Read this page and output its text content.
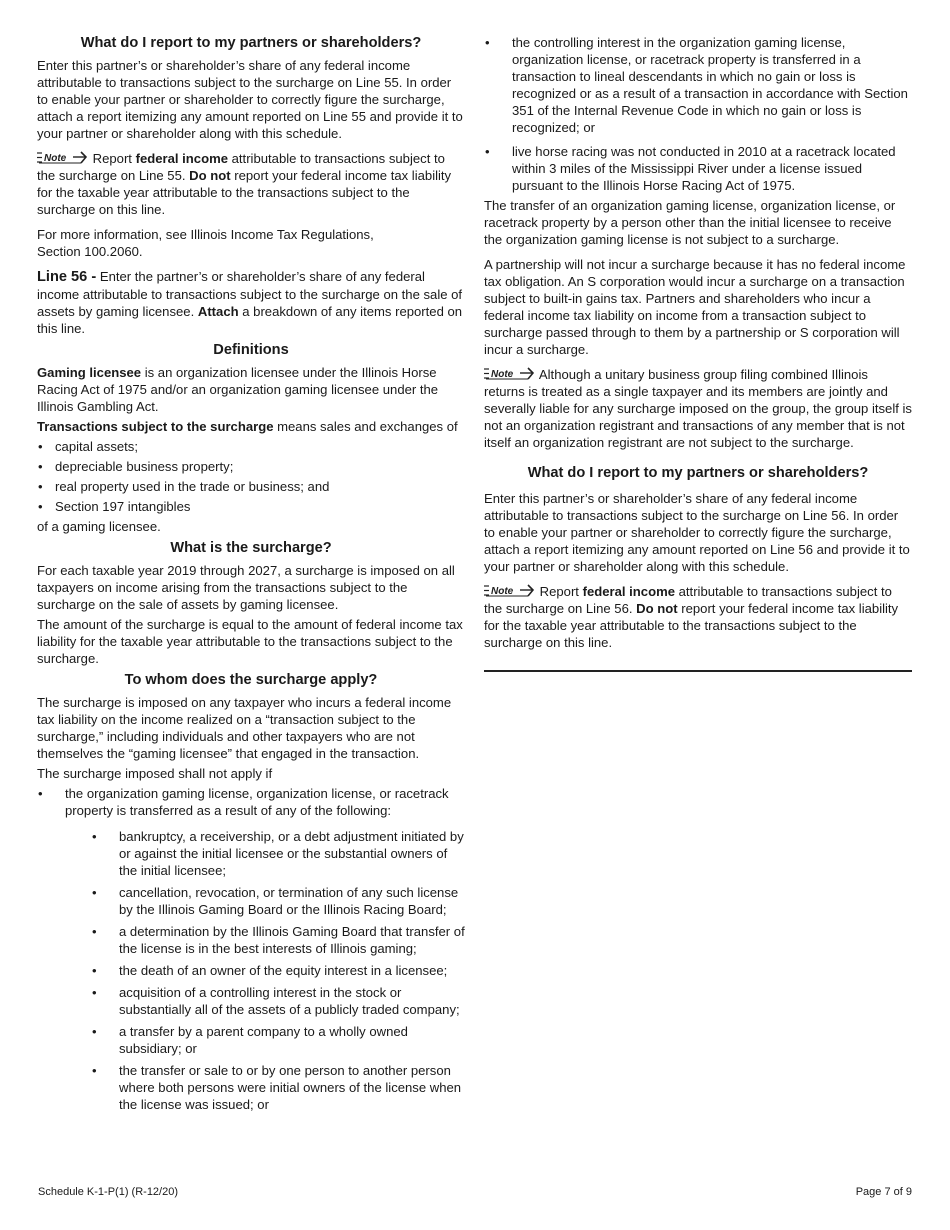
What do I report to my partners or shareholders?

Enter this partner’s or shareholder’s share of any federal income attributable to transactions subject to the surcharge on Line 55. In order to enable your partner or shareholder to correctly figure the surcharge, attach a report itemizing any amount reported on Line 55 and provide it to your partner or shareholder along with this schedule.

Note Report federal income attributable to transactions subject to the surcharge on Line 55. Do not report your federal income tax liability for the taxable year attributable to the transactions subject to the surcharge on this line.

For more information, see Illinois Income Tax Regulations,
Section 100.2060.

Line 56 - Enter the partner’s or shareholder’s share of any federal income attributable to transactions subject to the surcharge on the sale of assets by gaming licensee. Attach a breakdown of any items reported on this line.

Definitions

Gaming licensee is an organization licensee under the Illinois Horse Racing Act of 1975 and/or an organization gaming licensee under the Illinois Gambling Act.

Transactions subject to the surcharge means sales and exchanges of

• capital assets;
• depreciable business property;
• real property used in the trade or business; and
• Section 197 intangibles

of a gaming licensee.

What is the surcharge?

For each taxable year 2019 through 2027, a surcharge is imposed on all taxpayers on income arising from the transactions subject to the surcharge on the sale of assets by gaming licensee.

The amount of the surcharge is equal to the amount of federal income tax liability for the taxable year attributable to the transactions subject to the surcharge.

To whom does the surcharge apply?

The surcharge is imposed on any taxpayer who incurs a federal income tax liability on the income realized on a “transaction subject to the surcharge,” including individuals and other taxpayers who are not themselves the “gaming licensee” that engaged in the transaction.

The surcharge imposed shall not apply if

• the organization gaming license, organization license, or racetrack property is transferred as a result of any of the following:
• bankruptcy, a receivership, or a debt adjustment initiated by or against the initial licensee or the substantial owners of the initial licensee;
• cancellation, revocation, or termination of any such license by the Illinois Gaming Board or the Illinois Racing Board;
• a determination by the Illinois Gaming Board that transfer of the license is in the best interests of Illinois gaming;
• the death of an owner of the equity interest in a licensee;
• acquisition of a controlling interest in the stock or substantially all of the assets of a publicly traded company;
• a transfer by a parent company to a wholly owned subsidiary; or
• the transfer or sale to or by one person to another person where both persons were initial owners of the license when the license was issued; or
• the controlling interest in the organization gaming license, organization license, or racetrack property is transferred in a transaction to lineal descendants in which no gain or loss is recognized or as a result of a transaction in accordance with Section 351 of the Internal Revenue Code in which no gain or loss is recognized; or
• live horse racing was not conducted in 2010 at a racetrack located within 3 miles of the Mississippi River under a license issued pursuant to the Illinois Horse Racing Act of 1975.

The transfer of an organization gaming license, organization license, or racetrack property by a person other than the initial licensee to receive the organization gaming license is not subject to a surcharge.

A partnership will not incur a surcharge because it has no federal income tax obligation. An S corporation would incur a surcharge on a transaction subject to built-in gains tax. Partners and shareholders who incur a federal income tax liability on income from a transaction subject to surcharge passed through to them by a partnership or S corporation will incur a surcharge.

Note Although a unitary business group filing combined Illinois returns is treated as a single taxpayer and its members are jointly and severally liable for any surcharge imposed on the group, the group itself is not an organization registrant and transactions of any member that is not itself an organization registrant are not subject to the surcharge.

What do I report to my partners or shareholders?

Enter this partner’s or shareholder’s share of any federal income attributable to transactions subject to the surcharge on Line 56. In order to enable your partner or shareholder to correctly figure the surcharge, attach a report itemizing any amount reported on Line 56 and provide it to your partner or shareholder along with this schedule.

Note Report federal income attributable to transactions subject to the surcharge on Line 56. Do not report your federal income tax liability for the taxable year attributable to the transactions subject to the surcharge on this line.

Schedule K-1-P(1) (R-12/20)	Page 7 of 9
